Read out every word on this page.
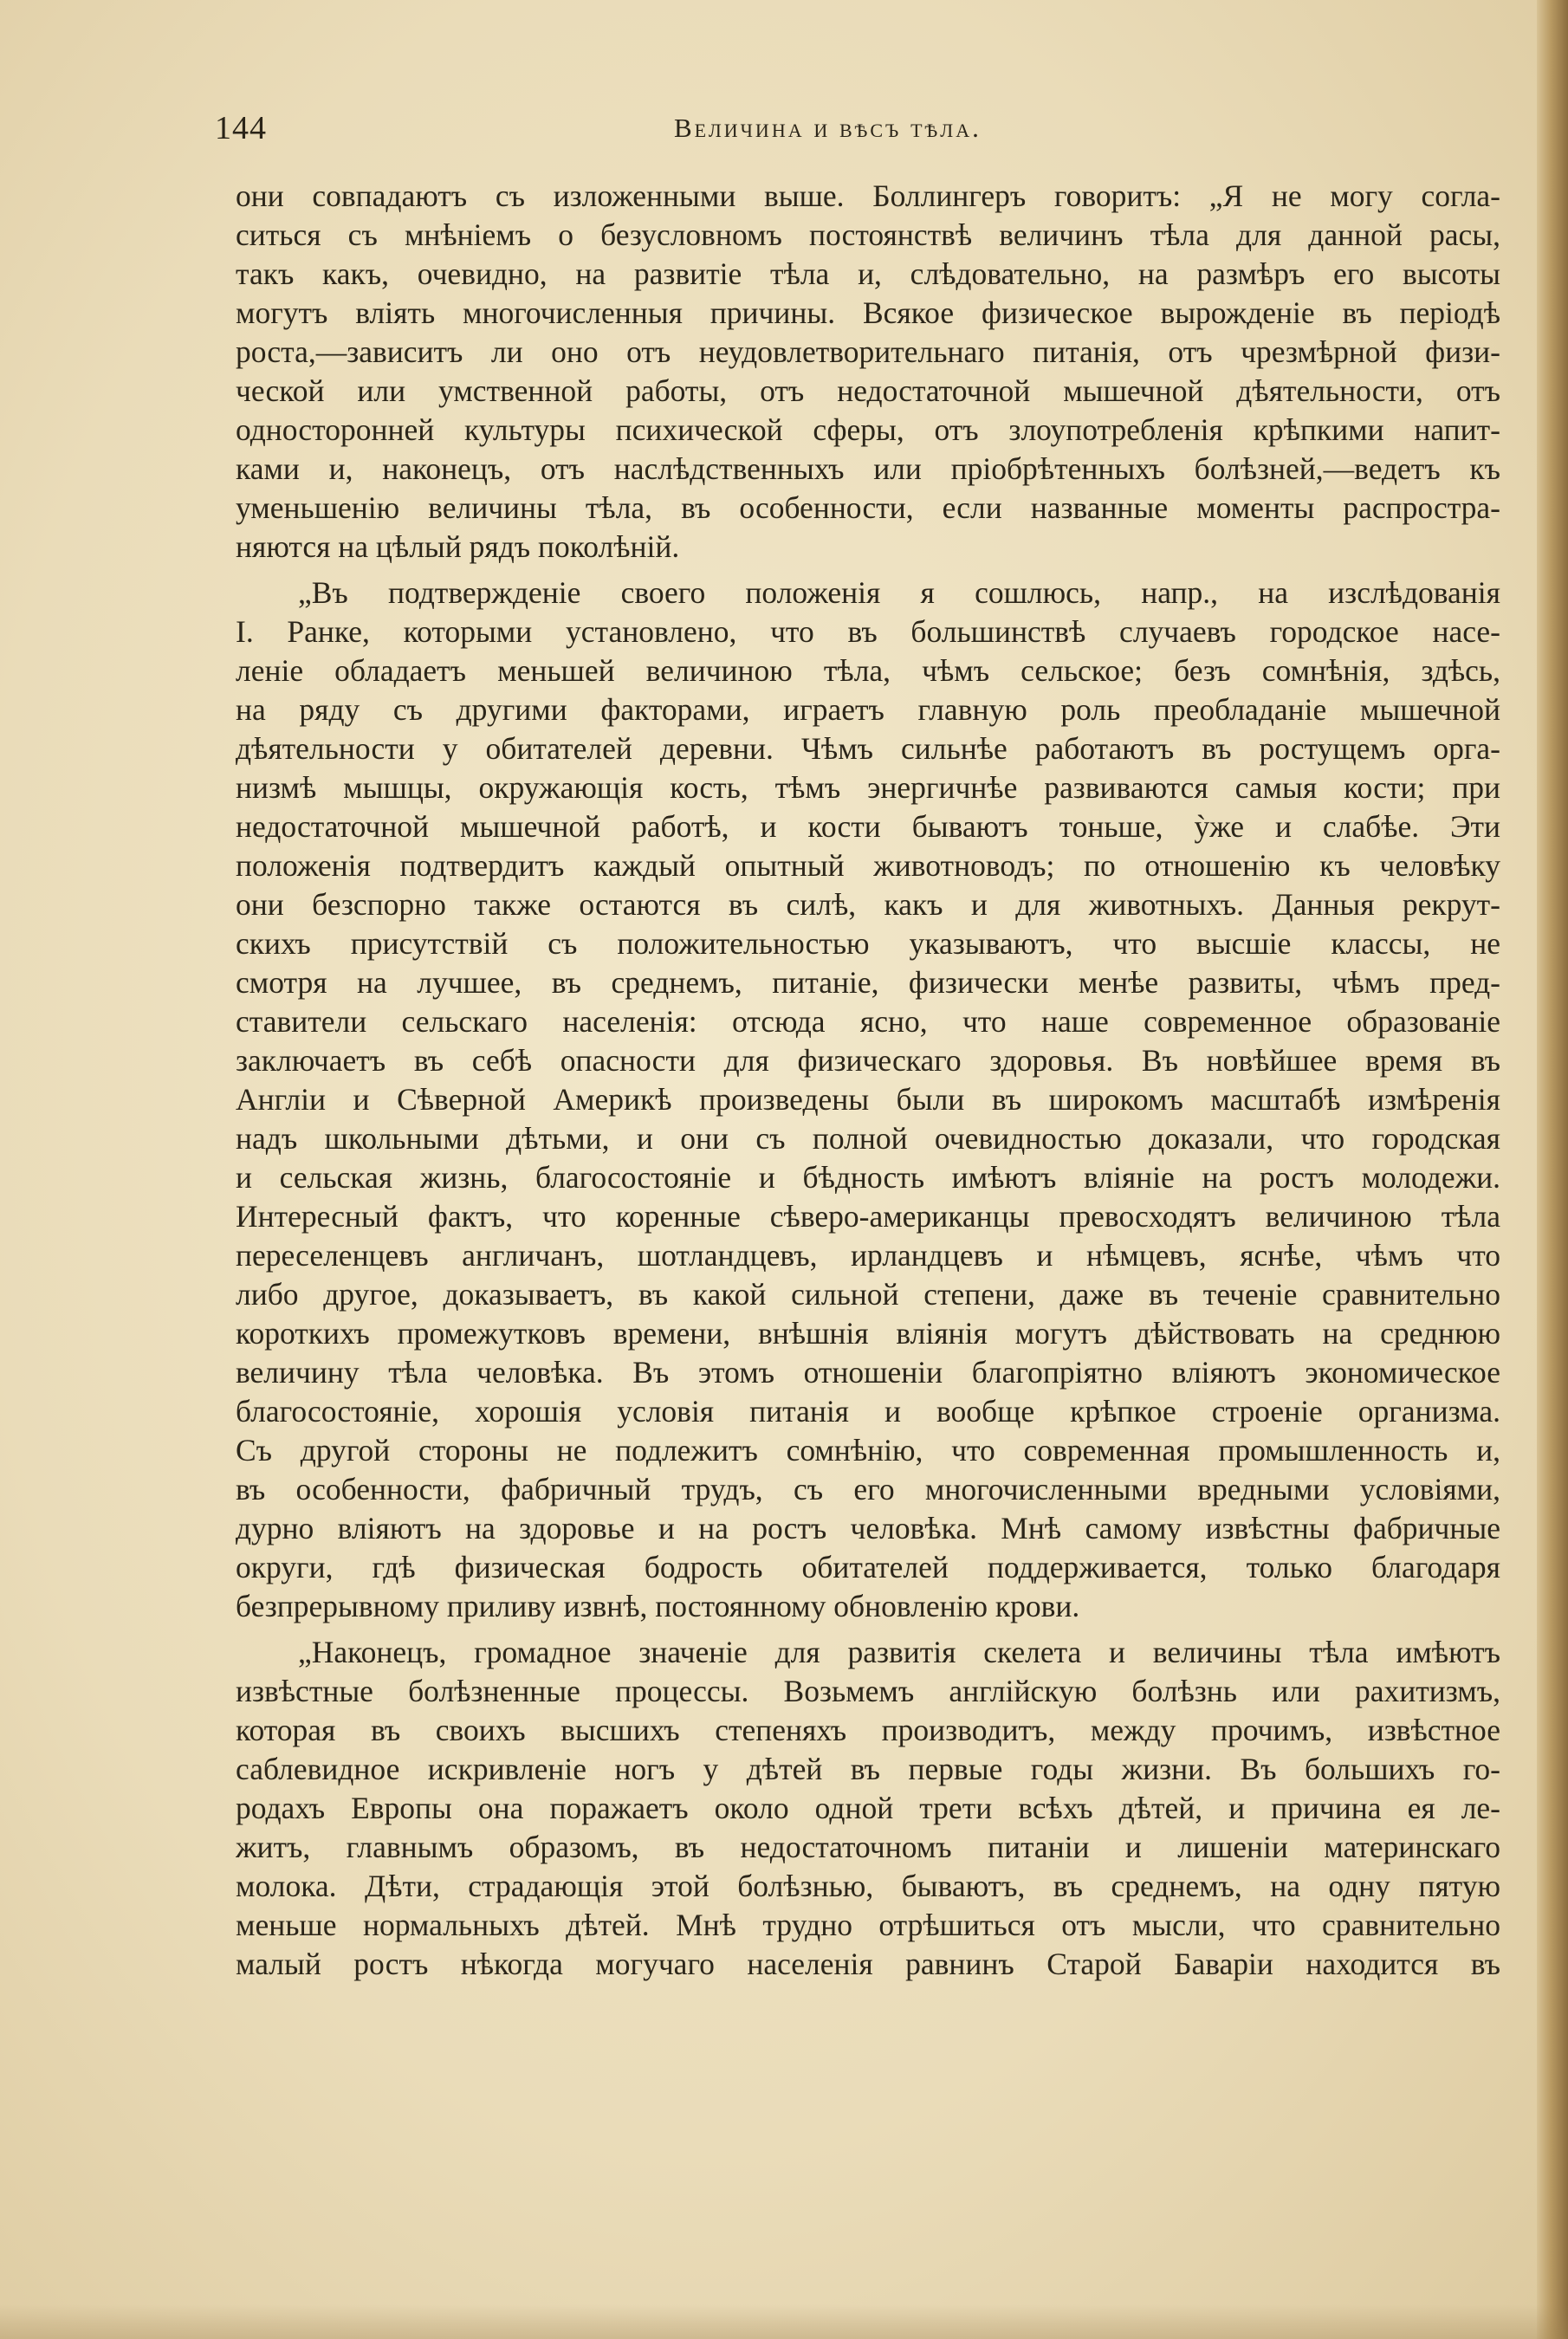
144	Величина и вѣсъ тѣла.
они совпадаютъ съ изложенными выше. Боллингеръ говоритъ: „Я не могу согла-
ситься съ мнѣніемъ о безусловномъ постоянствѣ величинъ тѣла для данной расы,
такъ какъ, очевидно, на развитіе тѣла и, слѣдовательно, на размѣръ его высоты
могутъ вліять многочисленныя причины. Всякое физическое вырожденіе въ періодѣ
роста,—зависитъ ли оно отъ неудовлетворительнаго питанія, отъ чрезмѣрной физи-
ческой или умственной работы, отъ недостаточной мышечной дѣятельности, отъ
односторонней культуры психической сферы, отъ злоупотребленія крѣпкими напит-
ками и, наконецъ, отъ наслѣдственныхъ или пріобрѣтенныхъ болѣзней,—ведетъ къ
уменьшенію величины тѣла, въ особенности, если названные моменты распростра-
няются на цѣлый рядъ поколѣній.
„Въ подтвержденіе своего положенія я сошлюсь, напр., на изслѣдованія
I. Ранке, которыми установлено, что въ большинствѣ случаевъ городское насе-
леніе обладаетъ меньшей величиною тѣла, чѣмъ сельское; безъ сомнѣнія, здѣсь,
на ряду съ другими факторами, играетъ главную роль преобладаніе мышечной
дѣятельности у обитателей деревни. Чѣмъ сильнѣе работаютъ въ ростущемъ орга-
низмѣ мышцы, окружающія кость, тѣмъ энергичнѣе развиваются самыя кости; при
недостаточной мышечной работѣ, и кости бываютъ тоньше, ỳже и слабѣе. Эти
положенія подтвердитъ каждый опытный животноводъ; по отношенію къ человѣку
они безспорно также остаются въ силѣ, какъ и для животныхъ. Данныя рекрут-
скихъ присутствій съ положительностью указываютъ, что высшіе классы, не
смотря на лучшее, въ среднемъ, питаніе, физически менѣе развиты, чѣмъ пред-
ставители сельскаго населенія: отсюда ясно, что наше современное образованіе
заключаетъ въ себѣ опасности для физическаго здоровья. Въ новѣйшее время въ
Англіи и Сѣверной Америкѣ произведены были въ широкомъ масштабѣ измѣренія
надъ школьными дѣтьми, и они съ полной очевидностью доказали, что городская
и сельская жизнь, благосостояніе и бѣдность имѣютъ вліяніе на ростъ молодежи.
Интересный фактъ, что коренные сѣверо-американцы превосходятъ величиною тѣла
переселенцевъ англичанъ, шотландцевъ, ирландцевъ и нѣмцевъ, яснѣе, чѣмъ что
либо другое, доказываетъ, въ какой сильной степени, даже въ теченіе сравнительно
короткихъ промежутковъ времени, внѣшнія вліянія могутъ дѣйствовать на среднюю
величину тѣла человѣка. Въ этомъ отношеніи благопріятно вліяютъ экономическое
благосостояніе, хорошія условія питанія и вообще крѣпкое строеніе организма.
Съ другой стороны не подлежитъ сомнѣнію, что современная промышленность и,
въ особенности, фабричный трудъ, съ его многочисленными вредными условіями,
дурно вліяютъ на здоровье и на ростъ человѣка. Мнѣ самому извѣстны фабричные
округи, гдѣ физическая бодрость обитателей поддерживается, только благодаря
безпрерывному приливу извнѣ, постоянному обновленію крови.
„Наконецъ, громадное значеніе для развитія скелета и величины тѣла имѣютъ
извѣстные болѣзненные процессы. Возьмемъ англійскую болѣзнь или рахитизмъ,
которая въ своихъ высшихъ степеняхъ производитъ, между прочимъ, извѣстное
саблевидное искривленіе ногъ у дѣтей въ первые годы жизни. Въ большихъ го-
родахъ Европы она поражаетъ около одной трети всѣхъ дѣтей, и причина ея ле-
житъ, главнымъ образомъ, въ недостаточномъ питаніи и лишеніи материнскаго
молока. Дѣти, страдающія этой болѣзнью, бываютъ, въ среднемъ, на одну пятую
меньше нормальныхъ дѣтей. Мнѣ трудно отрѣшиться отъ мысли, что сравнительно
малый ростъ нѣкогда могучаго населенія равнинъ Старой Баваріи находится въ
